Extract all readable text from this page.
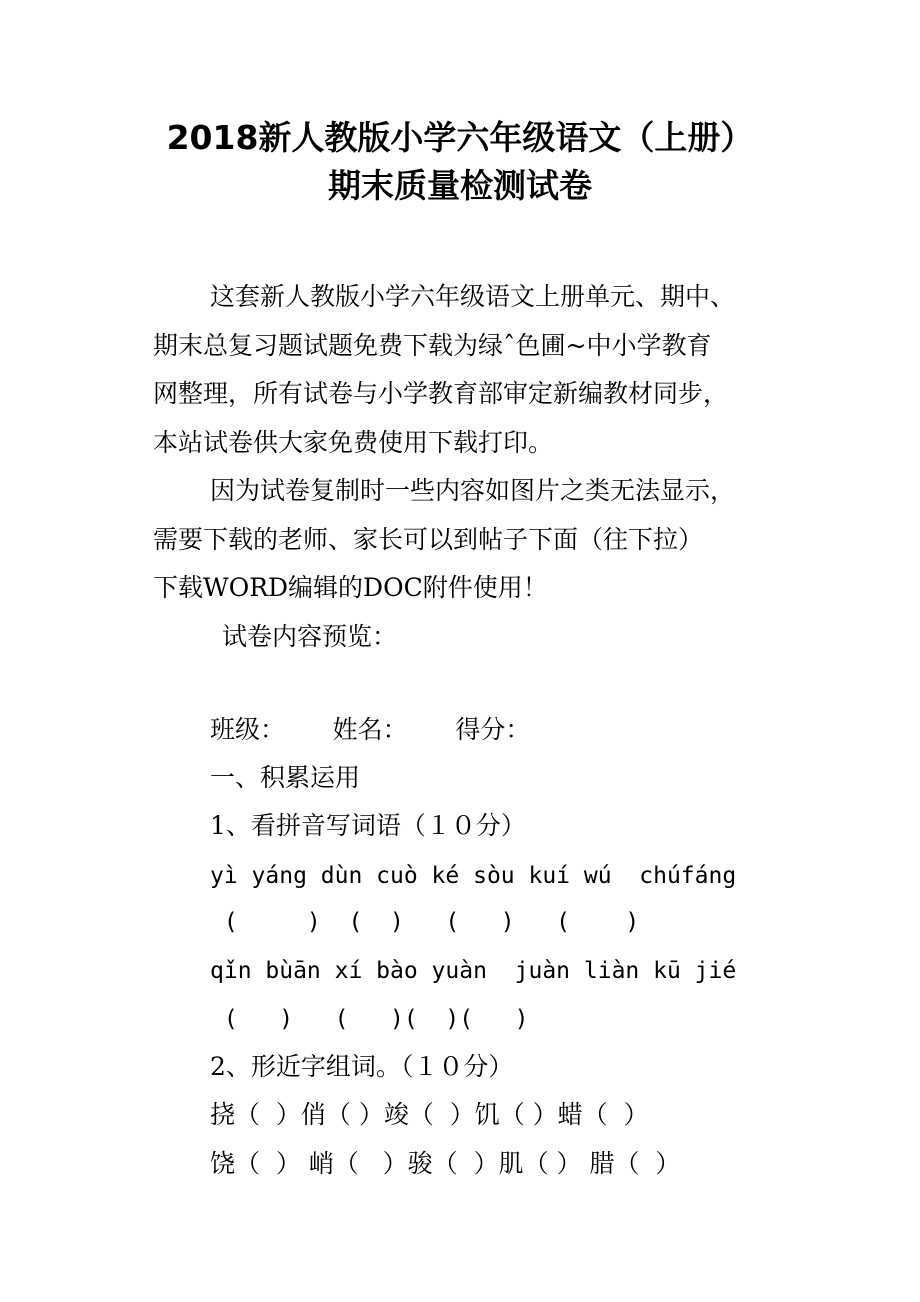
2018新人教版小学六年级语文（上册）
期末质量检测试卷
这套新人教版小学六年级语文上册单元、期中、
期末总复习题试题免费下载为绿ˆ色圃~中小学教育
网整理，所有试卷与小学教育部审定新编教材同步，
本站试卷供大家免费使用下载打印。
因为试卷复制时一些内容如图片之类无法显示，
需要下载的老师、家长可以到帖子下面（往下拉）
下载WORD编辑的DOC附件使用！
试卷内容预览：
班级：      姓名：      得分：
一、积累运用
1、看拼音写词语（１０分）
yì yáng dùn cuò ké sòu kuí wú  chúfáng
(     )  (  )   (   )   (    )
qǐn bùān xí bào yuàn  juàn liàn kū jié
(   )   (   )(  )(   )
2、形近字组词。（１０分）
挠（  ）俏（ ）竣（  ）饥（ ）蜡（  ）
饶（  ） 峭（   ）骏（  ）肌（ ） 腊（  ）
